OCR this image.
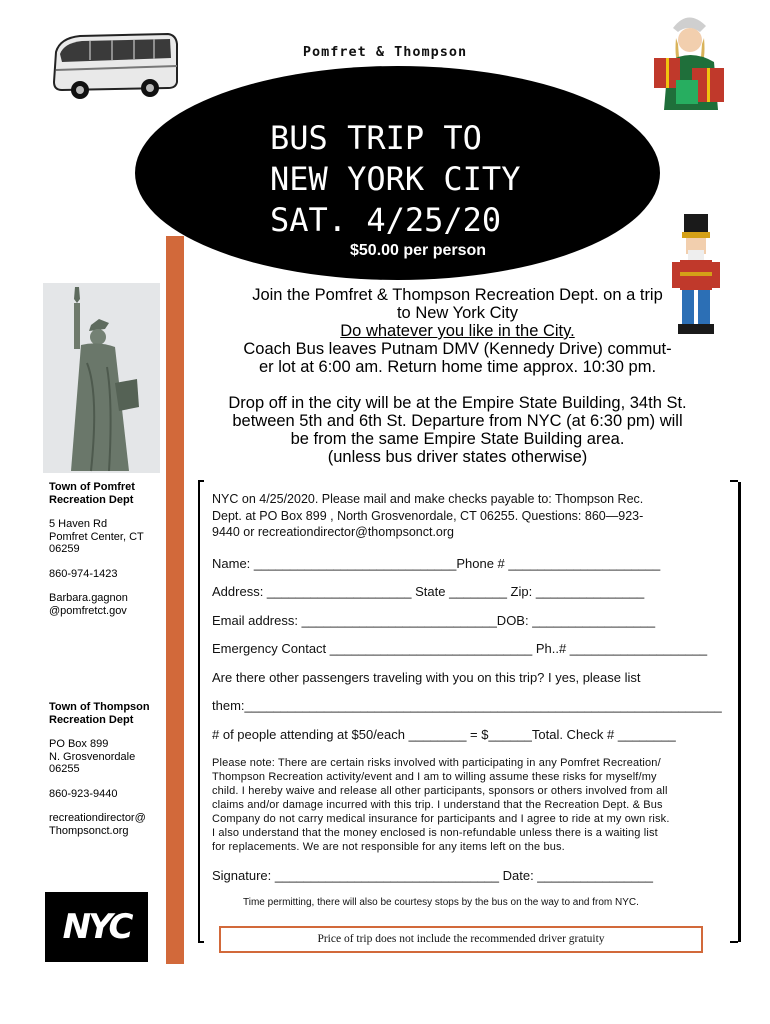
Pomfret & Thompson

BUS TRIP TO
NEW YORK CITY
SAT. 4/25/20
$50.00 per person
Join the Pomfret & Thompson Recreation Dept. on a trip
to New York City
Do whatever you like in the City.
Coach Bus leaves Putnam DMV (Kennedy Drive) commut-
er lot at 6:00 am. Return home time approx. 10:30 pm.
Drop off in the city will be at the Empire State Building, 34th St.
between 5th and 6th St. Departure from NYC (at 6:30 pm) will
be from the same Empire State Building area.
(unless bus driver states otherwise)
Town of Pomfret
Recreation Dept
5 Haven Rd
Pomfret Center, CT
06259
860-974-1423
Barbara.gagnon
@pomfretct.gov
Town of Thompson
Recreation Dept
PO Box 899
N. Grosvenordale
06255
860-923-9440
recreationdirector@
Thompsonct.org
NYC
NYC on 4/25/2020. Please mail and make checks payable to: Thompson Rec.
Dept. at PO Box 899 , North Grosvenordale, CT 06255. Questions: 860—923-
9440 or recreationdirector@thompsonct.org
Name: ____________________________Phone # _____________________
Address: ____________________ State ________ Zip: _______________
Email address: ___________________________DOB: _________________
Emergency Contact ____________________________ Ph..# ___________________
Are there other passengers traveling with you on this trip? I yes, please list
them:__________________________________________________________________
# of people attending at $50/each ________ = $______Total. Check # ________
Please note: There are certain risks involved with participating in any Pomfret Recreation/
Thompson Recreation activity/event and I am to willing assume these risks for myself/my
child. I hereby waive and release all other participants, sponsors or others involved from all
claims and/or damage incurred with this trip. I understand that the Recreation Dept. & Bus
Company do not carry medical insurance for participants and I agree to ride at my own risk.
I also understand that the money enclosed is non-refundable unless there is a waiting list
for replacements. We are not responsible for any items left on the bus.
Signature: _______________________________ Date: ________________
Time permitting, there will also be courtesy stops by the bus on the way to and from NYC.
Price of trip does not include the recommended driver gratuity
